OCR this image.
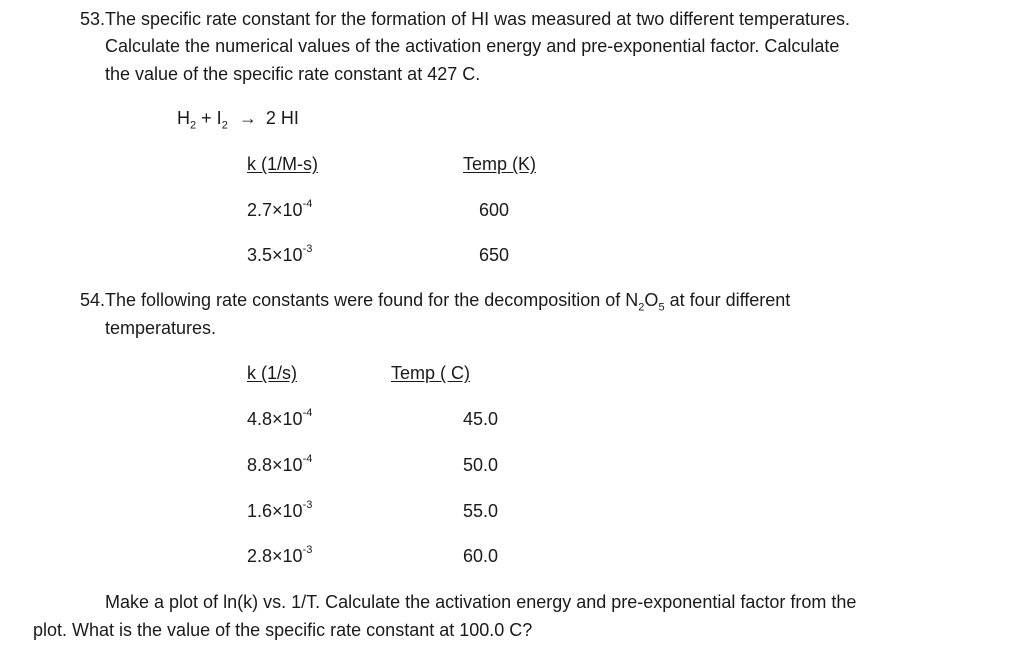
53. The specific rate constant for the formation of HI was measured at two different temperatures.
Calculate the numerical values of the activation energy and pre-exponential factor. Calculate
the value of the specific rate constant at 427 C.
$H_2 + I_2 \to 2$ HI
k (1/M-s)	Temp (K)
$2.7\times 10^{-4}$	600
$3.5\times 10^{-3}$	650
54. The following rate constants were found for the decomposition of $N_2O_5$ at four different
temperatures.
k (1/s)	Temp ( C)
$4.8\times 10^{-4}$	45.0
$8.8\times 10^{-4}$	50.0
$1.6\times 10^{-3}$	55.0
$2.8\times 10^{-3}$	60.0
Make a plot of ln(k) vs. 1/T. Calculate the activation energy and pre-exponential factor from the
plot. What is the value of the specific rate constant at 100.0 C?
